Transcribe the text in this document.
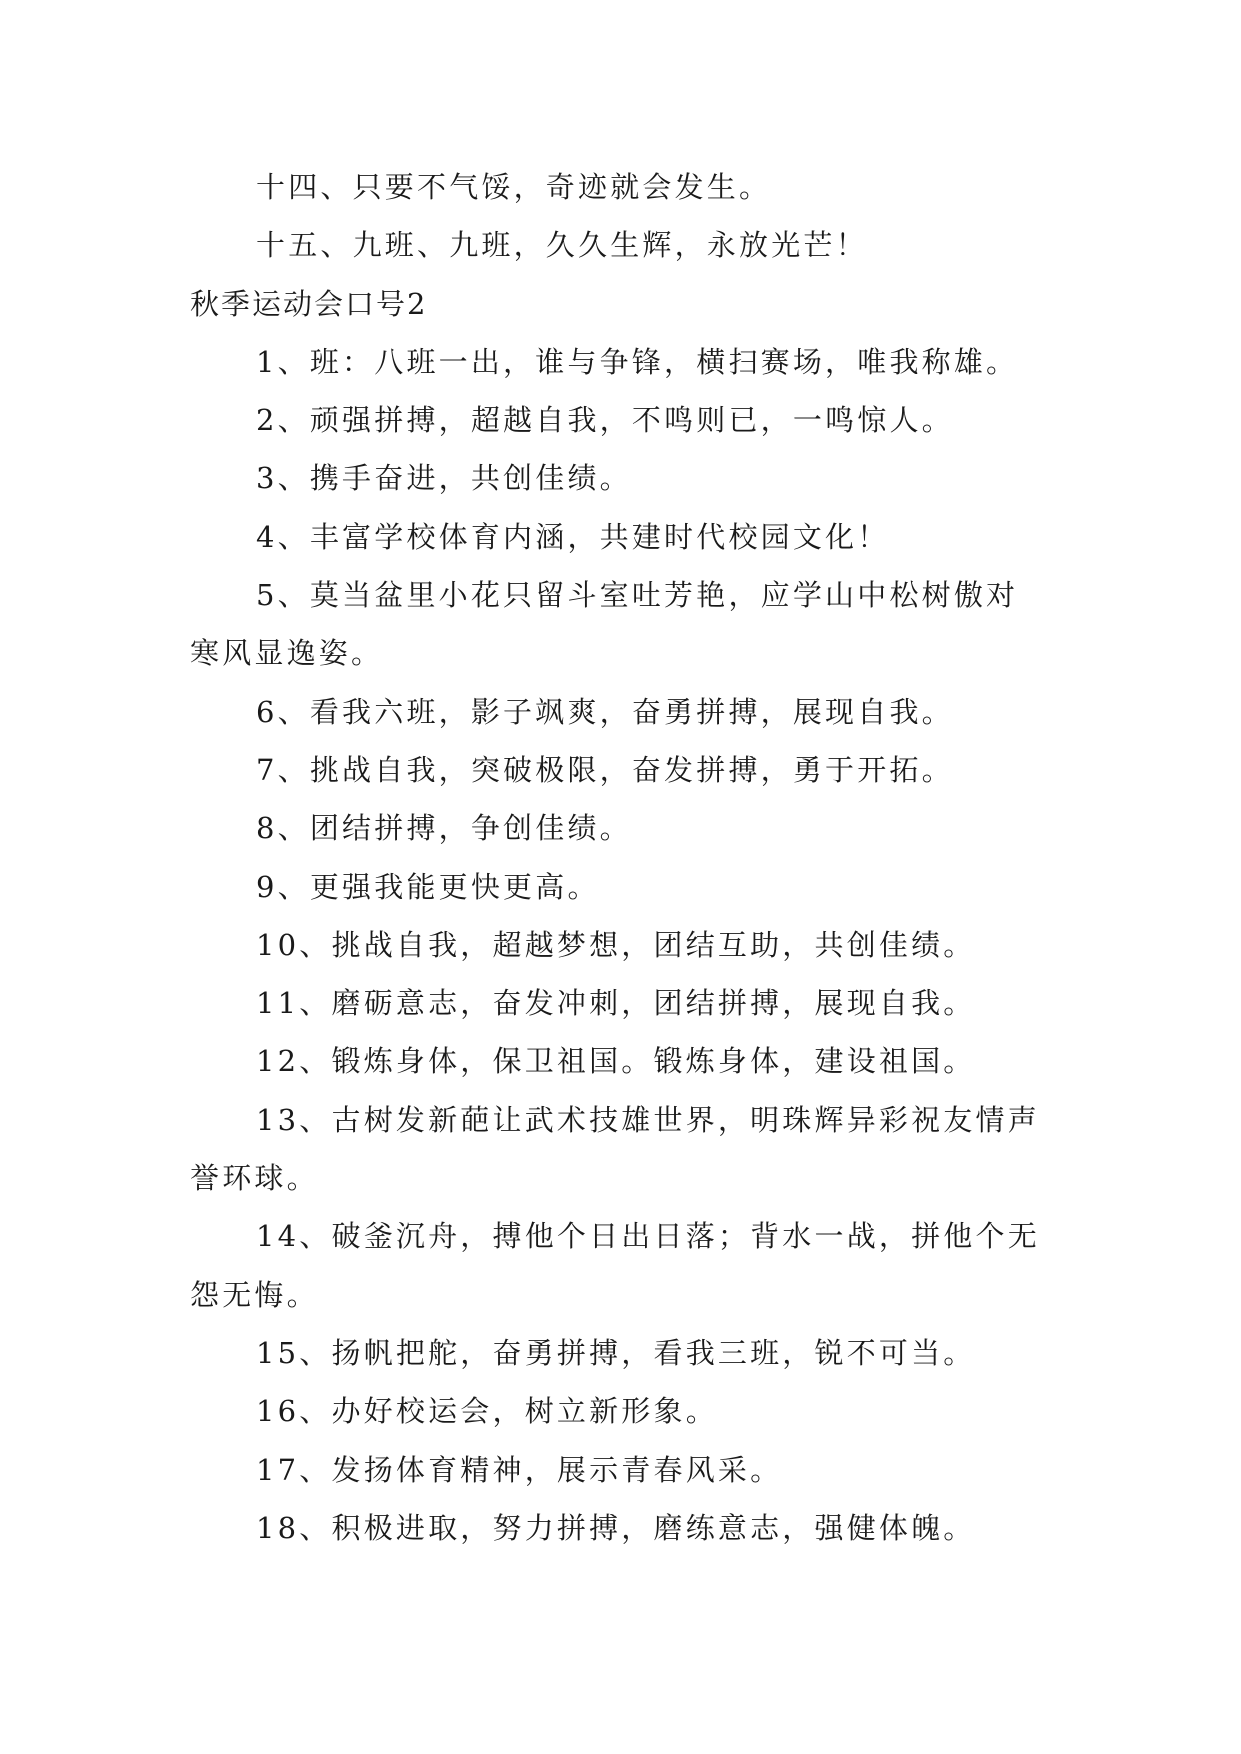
十四、只要不气馁，奇迹就会发生。
十五、九班、九班，久久生辉，永放光芒！
秋季运动会口号2
1、班：八班一出，谁与争锋，横扫赛场，唯我称雄。
2、顽强拼搏，超越自我，不鸣则已，一鸣惊人。
3、携手奋进，共创佳绩。
4、丰富学校体育内涵，共建时代校园文化！
5、莫当盆里小花只留斗室吐芳艳，应学山中松树傲对
寒风显逸姿。
6、看我六班，影子飒爽，奋勇拼搏，展现自我。
7、挑战自我，突破极限，奋发拼搏，勇于开拓。
8、团结拼搏，争创佳绩。
9、更强我能更快更高。
10、挑战自我，超越梦想，团结互助，共创佳绩。
11、磨砺意志，奋发冲刺，团结拼搏，展现自我。
12、锻炼身体，保卫祖国。锻炼身体，建设祖国。
13、古树发新葩让武术技雄世界，明珠辉异彩祝友情声
誉环球。
14、破釜沉舟，搏他个日出日落；背水一战，拼他个无
怨无悔。
15、扬帆把舵，奋勇拼搏，看我三班，锐不可当。
16、办好校运会，树立新形象。
17、发扬体育精神，展示青春风采。
18、积极进取，努力拼搏，磨练意志，强健体魄。
